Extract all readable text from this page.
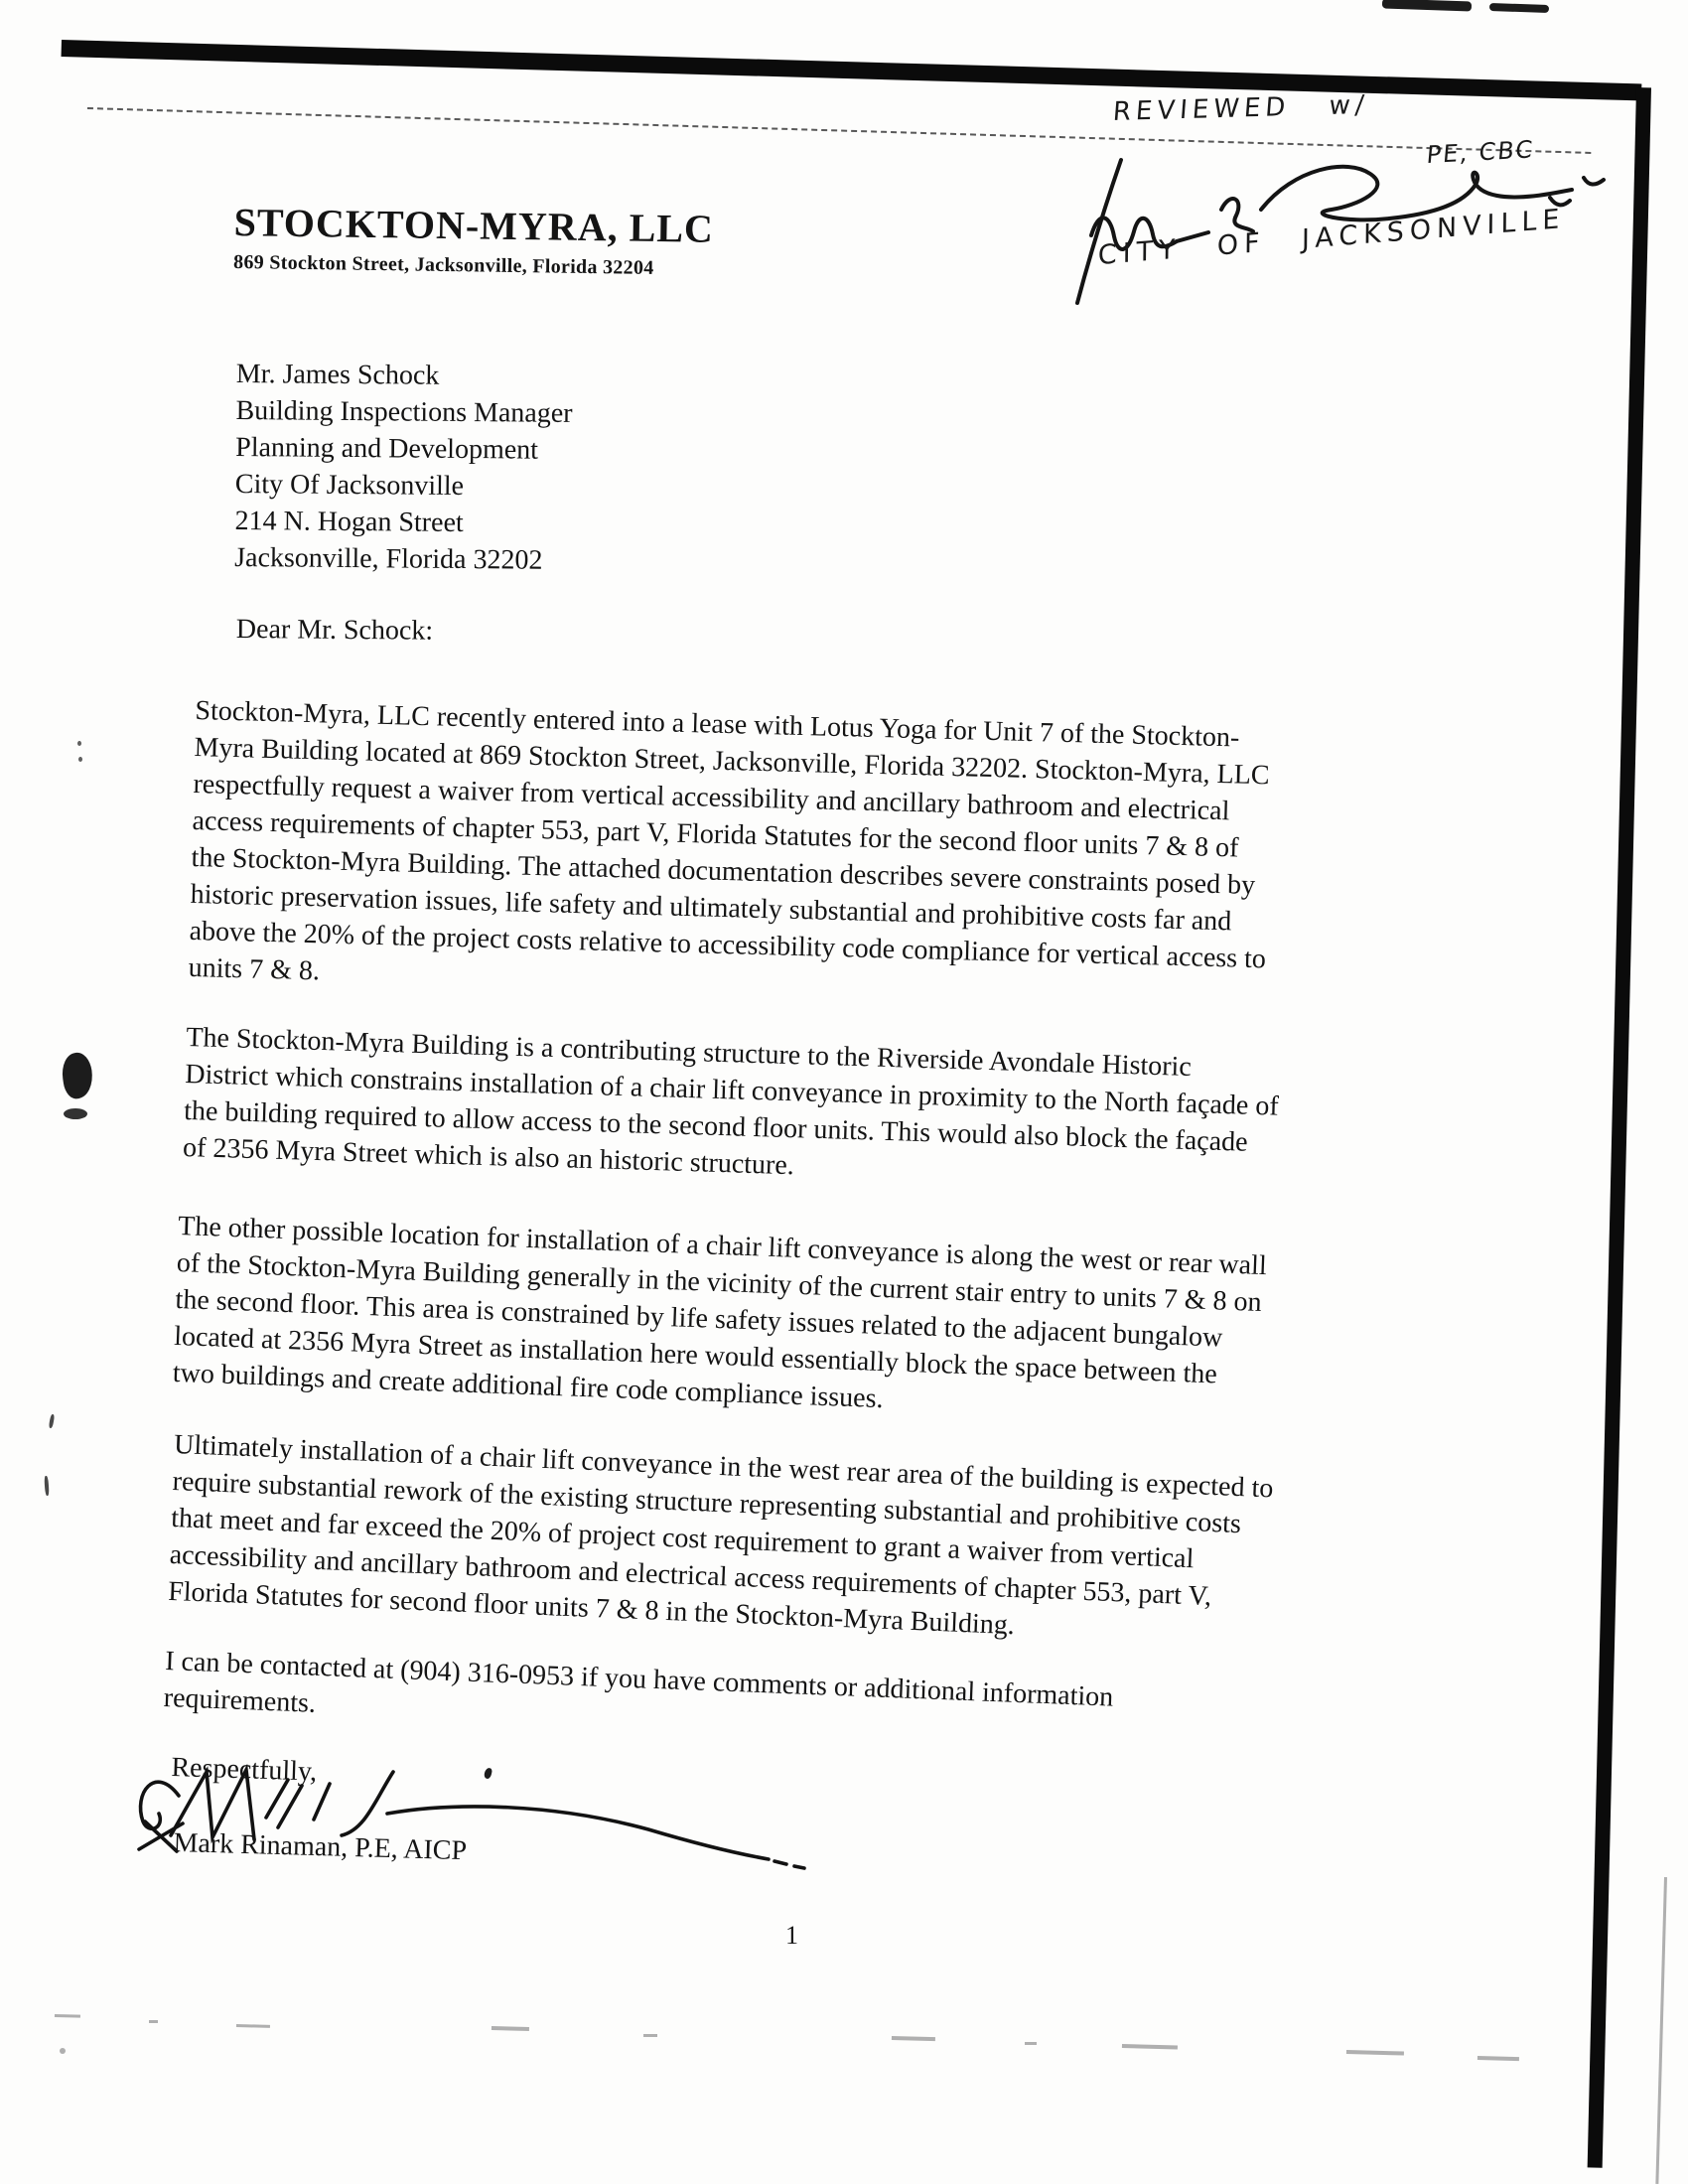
REVIEWED w/
PE, CBC
CITY OF JACKSONVILLE
STOCKTON-MYRA, LLC
869 Stockton Street, Jacksonville, Florida 32204
Mr. James Schock
Building Inspections Manager
Planning and Development
City Of Jacksonville
214 N. Hogan Street
Jacksonville, Florida 32202
Dear Mr. Schock:
Stockton-Myra, LLC recently entered into a lease with Lotus Yoga for Unit 7 of the Stockton-
Myra Building located at 869 Stockton Street, Jacksonville, Florida 32202. Stockton-Myra, LLC
respectfully request a waiver from vertical accessibility and ancillary bathroom and electrical
access requirements of chapter 553, part V, Florida Statutes for the second floor units 7 & 8 of
the Stockton-Myra Building. The attached documentation describes severe constraints posed by
historic preservation issues, life safety and ultimately substantial and prohibitive costs far and
above the 20% of the project costs relative to accessibility code compliance for vertical access to
units 7 & 8.
The Stockton-Myra Building is a contributing structure to the Riverside Avondale Historic
District which constrains installation of a chair lift conveyance in proximity to the North façade of
the building required to allow access to the second floor units. This would also block the façade
of 2356 Myra Street which is also an historic structure.
The other possible location for installation of a chair lift conveyance is along the west or rear wall
of the Stockton-Myra Building generally in the vicinity of the current stair entry to units 7 & 8 on
the second floor. This area is constrained by life safety issues related to the adjacent bungalow
located at 2356 Myra Street as installation here would essentially block the space between the
two buildings and create additional fire code compliance issues.
Ultimately installation of a chair lift conveyance in the west rear area of the building is expected to
require substantial rework of the existing structure representing substantial and prohibitive costs
that meet and far exceed the 20% of project cost requirement to grant a waiver from vertical
accessibility and ancillary bathroom and electrical access requirements of chapter 553, part V,
Florida Statutes for second floor units 7 & 8 in the Stockton-Myra Building.
I can be contacted at (904) 316-0953 if you have comments or additional information
requirements.
Respectfully,
Mark Rinaman, P.E, AICP
1
